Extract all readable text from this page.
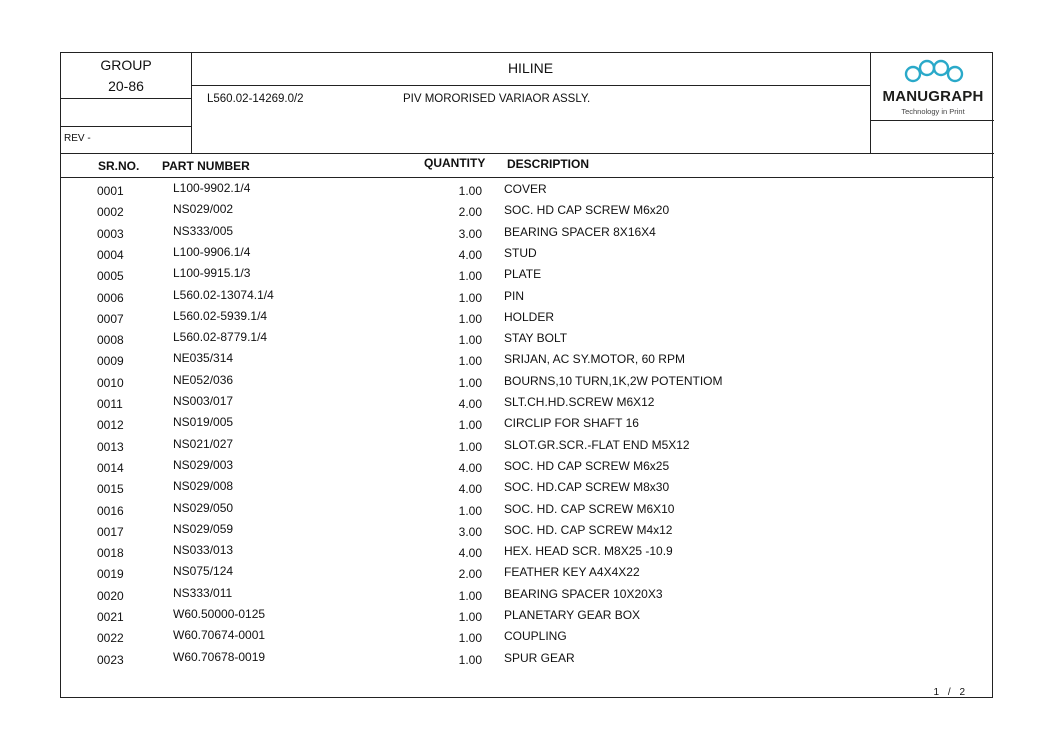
GROUP
20-86
HILINE
L560.02-14269.0/2	PIV MORORISED VARIAOR ASSLY.
REV -
MANUGRAPH
Technology in Print
SR.NO. PART NUMBER	QUANTITY DESCRIPTION
0001	L100-9902.1/4	1.00 COVER
0002	NS029/002	2.00 SOC. HD CAP SCREW M6x20
0003	NS333/005	3.00 BEARING SPACER 8X16X4
0004	L100-9906.1/4	4.00 STUD
0005	L100-9915.1/3	1.00 PLATE
0006	L560.02-13074.1/4	1.00 PIN
0007	L560.02-5939.1/4	1.00 HOLDER
0008	L560.02-8779.1/4	1.00 STAY BOLT
0009	NE035/314	1.00 SRIJAN, AC SY.MOTOR, 60 RPM
0010	NE052/036	1.00 BOURNS,10 TURN,1K,2W POTENTIOM
0011	NS003/017	4.00 SLT.CH.HD.SCREW M6X12
0012	NS019/005	1.00 CIRCLIP FOR SHAFT 16
0013	NS021/027	1.00 SLOT.GR.SCR.-FLAT END M5X12
0014	NS029/003	4.00 SOC. HD CAP SCREW M6x25
0015	NS029/008	4.00 SOC. HD.CAP SCREW M8x30
0016	NS029/050	1.00 SOC. HD. CAP SCREW M6X10
0017	NS029/059	3.00 SOC. HD. CAP SCREW M4x12
0018	NS033/013	4.00 HEX. HEAD SCR. M8X25 -10.9
0019	NS075/124	2.00 FEATHER KEY A4X4X22
0020	NS333/011	1.00 BEARING SPACER 10X20X3
0021	W60.50000-0125	1.00 PLANETARY GEAR BOX
0022	W60.70674-0001	1.00 COUPLING
0023	W60.70678-0019	1.00 SPUR GEAR
1 / 2
